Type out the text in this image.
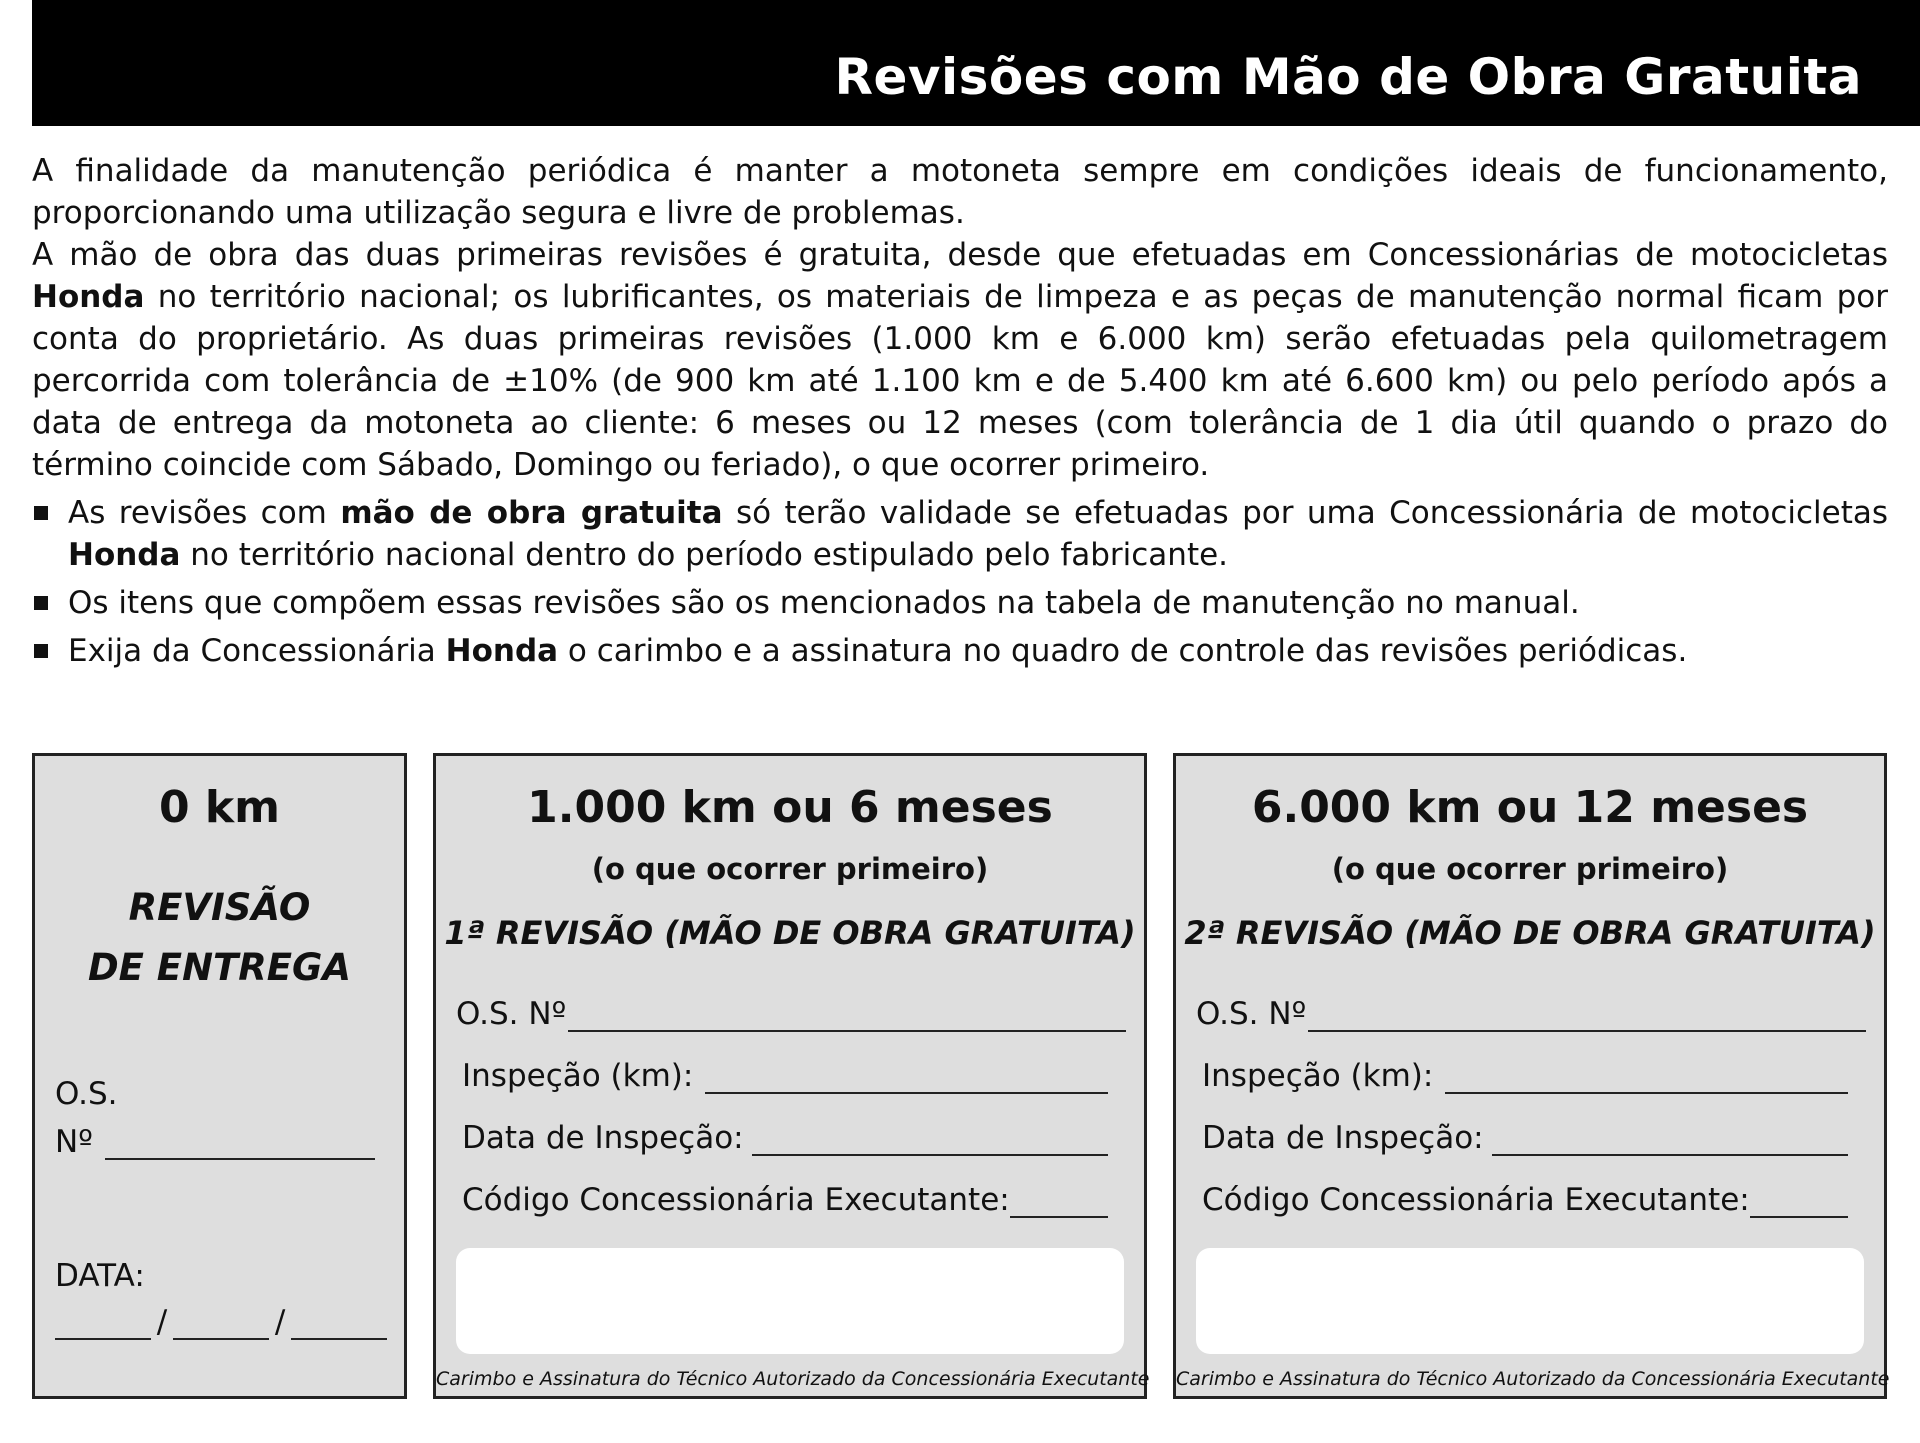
Revisões com Mão de Obra Gratuita

A finalidade da manutenção periódica é manter a motoneta sempre em condições ideais de funcionamento, proporcionando uma utilização segura e livre de problemas.

A mão de obra das duas primeiras revisões é gratuita, desde que efetuadas em Concessionárias de motocicletas Honda no território nacional; os lubrificantes, os materiais de limpeza e as peças de manutenção normal ficam por conta do proprietário. As duas primeiras revisões (1.000 km e 6.000 km) serão efetuadas pela quilometragem percorrida com tolerância de ±10% (de 900 km até 1.100 km e de 5.400 km até 6.600 km) ou pelo período após a data de entrega da motoneta ao cliente: 6 meses ou 12 meses (com tolerância de 1 dia útil quando o prazo do término coincide com Sábado, Domingo ou feriado), o que ocorrer primeiro.

As revisões com mão de obra gratuita só terão validade se efetuadas por uma Concessionária de motocicletas Honda no território nacional dentro do período estipulado pelo fabricante.
Os itens que compõem essas revisões são os mencionados na tabela de manutenção no manual.
Exija da Concessionária Honda o carimbo e a assinatura no quadro de controle das revisões periódicas.
0 km
REVISÃO
DE ENTREGA
O.S.
Nº
DATA:
/	/
1.000 km ou 6 meses
(o que ocorrer primeiro)
1ª REVISÃO (MÃO DE OBRA GRATUITA)
O.S. Nº
Inspeção (km):
Data de Inspeção:
Código Concessionária Executante:
Carimbo e Assinatura do Técnico Autorizado da Concessionária Executante
6.000 km ou 12 meses
(o que ocorrer primeiro)
2ª REVISÃO (MÃO DE OBRA GRATUITA)
O.S. Nº
Inspeção (km):
Data de Inspeção:
Código Concessionária Executante:
Carimbo e Assinatura do Técnico Autorizado da Concessionária Executante
